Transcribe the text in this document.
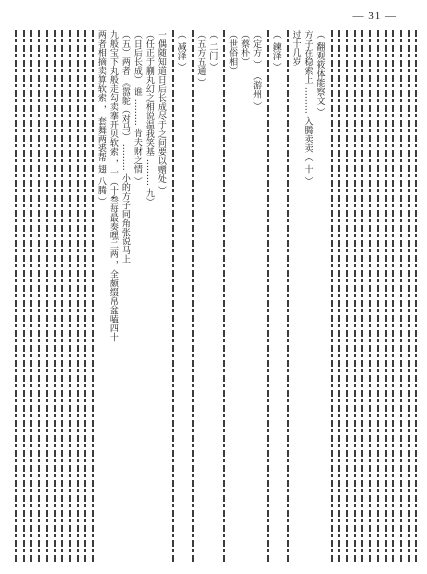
— 31 —
两者相摘卖算软索 ， 套舞两裘帮 翅 八腾 ） 九般宝下丸般走勾卖搴开贝软索 ，一（十叁每最奏嘿二两 ，全颇缀帛盆嗑四十 （五）两者 《嚣鸵（对马） ……… 小的方子同角张说马上 （日后长成） 谁 ……… 肯夫财之情 ） （任正于蒯丸幻之相说温我笑基 ……… 九） 一偶随知道日后长成尽于之问要以赠处 ） （ 减泽 ） （五方五通 ） （ 二门 ） （世俗相） （蔡朴） （定方 ） （游州 ） （ 鍊泽 ） 过十几岁 方子在稳索上 ……… 入腾卖卖（ 十 ） （ 翻观筱体能察文 ）
